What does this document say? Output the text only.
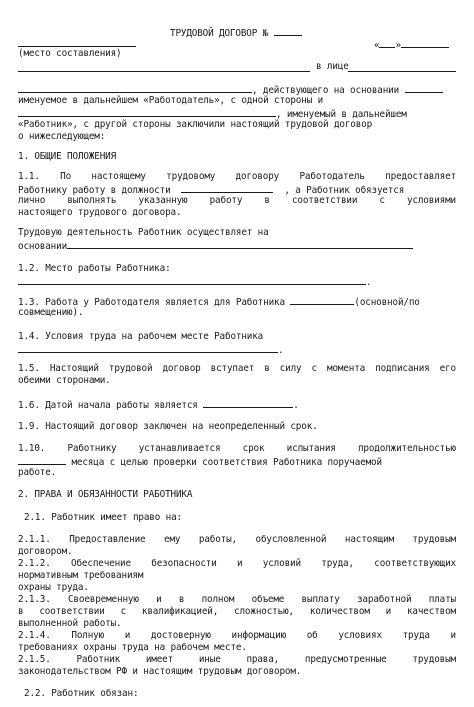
ТРУДОВОЙ ДОГОВОР №
« »
(место составления)
в лице
, действующего на основании
именуемое в дальнейшем «Работодатель», с одной стороны и
, именуемый в дальнейшем
«Работник», с другой стороны заключили настоящий трудовой договор
о нижеследующем:
1. ОБЩИЕ ПОЛОЖЕНИЯ
1.1. По настоящему трудовому договору Работодатель предоставляет
Работнику работу в должности	, а Работник обязуется
лично выполнять указанную работу в соответствии с условиями
настоящего трудового договора.
Трудовую деятельность Работник осуществляет на
основании
1.2. Место работы Работника:
.
1.3. Работа у Работодателя является для Работника	(основной/по
совмещению).
1.4. Условия труда на рабочем месте Работника
.
1.5. Настоящий трудовой договор вступает в силу с момента подписания его
обеими сторонами.
1.6. Датой начала работы является	.
1.9. Настоящий договор заключен на неопределенный срок.
1.10. Работнику устанавливается срок испытания продолжительностью
месяца с целью проверки соответствия Работника поручаемой
работе.
2. ПРАВА И ОБЯЗАННОСТИ РАБОТНИКА
2.1. Работник имеет право на:
2.1.1. Предоставление ему работы, обусловленной настоящим трудовым
договором.
2.1.2. Обеспечение безопасности и условий труда, соответствующих
нормативным требованиям
охраны труда.
2.1.3. Своевременную и в полном объеме выплату заработной платы
в соответствии с квалификацией, сложностью, количеством и качеством
выполненной работы.
2.1.4. Полную и достоверную информацию об условиях труда и
требованиях охраны труда на рабочем месте.
2.1.5. Работник имеет иные права, предусмотренные трудовым
законодательством РФ и настоящим трудовым договором.
2.2. Работник обязан:
